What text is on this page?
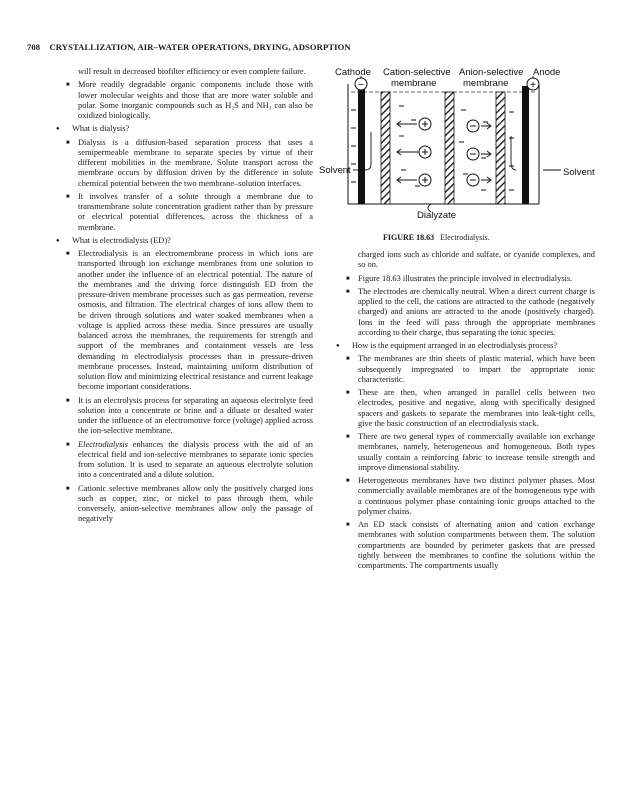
708 CRYSTALLIZATION, AIR–WATER OPERATIONS, DRYING, ADSORPTION

will result in decreased biofilter efficiency or even complete failure.

■ More readily degradable organic components include those with lower molecular weights and those that are more water soluble and polar. Some inorganic compounds such as H₂S and NH₃ can also be oxidized biologically.

● What is dialysis?

■ Dialysis is a diffusion-based separation process that uses a semipermeable membrane to separate species by virtue of their different mobilities in the membrane. Solute transport across the membrane occurs by diffusion driven by the difference in solute chemical potential between the two membrane–solution interfaces.

■ It involves transfer of a solute through a membrane due to transmembrane solute concentration gradient rather than by pressure or electrical potential differences, across the thickness of a membrane.

● What is electrodialysis (ED)?

■ Electrodialysis is an electromembrane process in which ions are transported through ion exchange membranes from one solution to another under the influence of an electrical potential. The nature of the membranes and the driving force distinguish ED from the pressure-driven membrane processes such as gas permeation, reverse osmosis, and filtration. The electrical charges of ions allow them to be driven through solutions and water soaked membranes when a voltage is applied across these media. Since pressures are usually balanced across the membranes, the requirements for strength and support of the membranes and containment vessels are less demanding in electrodialysis processes than in pressure-driven membrane processes. Instead, maintaining uniform distribution of solution flow and minimizing electrical resistance and current leakage become important considerations.

■ It is an electrolysis process for separating an aqueous electrolyte feed solution into a concentrate or brine and a diluate or desalted water under the influence of an electromotive force (voltage) applied across the ion-selective membrane.

■ Electrodialysis enhances the dialysis process with the aid of an electrical field and ion-selective membranes to separate ionic species from solution. It is used to separate an aqueous electrolyte solution into a concentrated and a dilute solution.

■ Cationic selective membranes allow only the positively charged ions such as copper, zinc, or nickel to pass through them, while conversely, anion-selective membranes allow only the passage of negatively

Cathode Cation-selective
membrane
Anion-selective
membrane
Anode
Solvent	Solvent
Dialyzate
−	+
FIGURE 18.63 Electrodialysis.

charged ions such as chloride and sulfate, or cyanide complexes, and so on.

■ Figure 18.63 illustrates the principle involved in electrodialysis.

■ The electrodes are chemically neutral. When a direct current charge is applied to the cell, the cations are attracted to the cathode (negatively charged) and anions are attracted to the anode (positively charged). Ions in the feed will pass through the appropriate membranes according to their charge, thus separating the ionic species.

● How is the equipment arranged in an electrodialysis process?

■ The membranes are thin sheets of plastic material, which have been subsequently impregnated to impart the appropriate ionic characteristic.

■ These are then, when arranged in parallel cells between two electrodes, positive and negative, along with specifically designed spacers and gaskets to separate the membranes into leak-tight cells, give the basic construction of an electrodialysis stack.

■ There are two general types of commercially available ion exchange membranes, namely, heterogeneous and homogeneous. Both types usually contain a reinforcing fabric to increase tensile strength and improve dimensional stability.

■ Heterogeneous membranes have two distinct polymer phases. Most commercially available membranes are of the homogeneous type with a continuous polymer phase containing ionic groups attached to the polymer chains.

■ An ED stack consists of alternating anion and cation exchange membranes with solution compartments between them. The solution compartments are bounded by perimeter gaskets that are pressed tightly between the membranes to confine the solutions within the compartments. The compartments usually
